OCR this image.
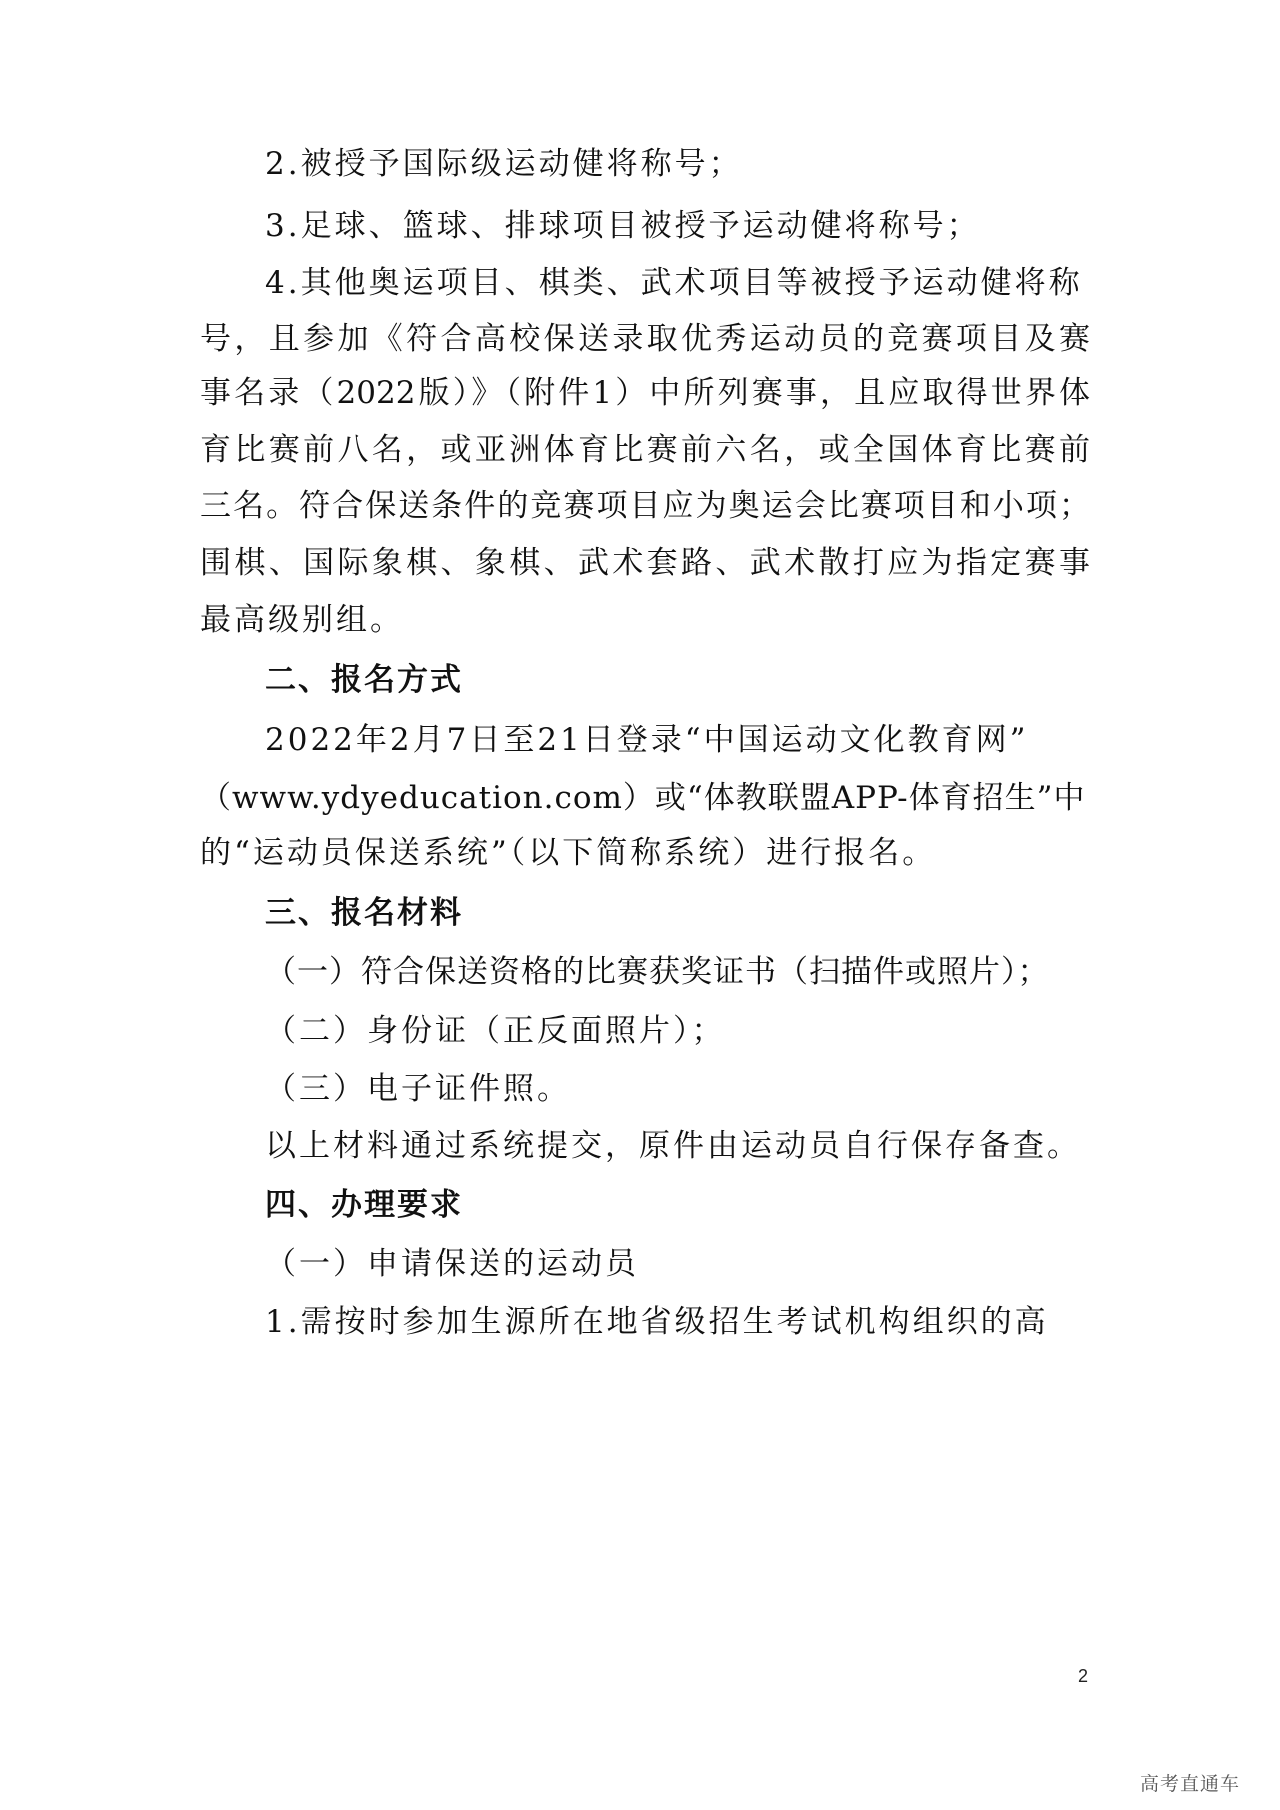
2.被授予国际级运动健将称号；
3.足球、篮球、排球项目被授予运动健将称号；
4.其他奥运项目、棋类、武术项目等被授予运动健将称
号，且参加《符合高校保送录取优秀运动员的竞赛项目及赛
事名录（2022版）》（附件1）中所列赛事，且应取得世界体
育比赛前八名，或亚洲体育比赛前六名，或全国体育比赛前
三名。符合保送条件的竞赛项目应为奥运会比赛项目和小项；
围棋、国际象棋、象棋、武术套路、武术散打应为指定赛事
最高级别组。
二、报名方式
2022年2月7日至21日登录“中国运动文化教育网”
（www.ydyeducation.com）或“体教联盟APP-体育招生”中
的“运动员保送系统”（以下简称系统）进行报名。
三、报名材料
（一）符合保送资格的比赛获奖证书（扫描件或照片）；
（二）身份证（正反面照片）；
（三）电子证件照。
以上材料通过系统提交，原件由运动员自行保存备查。
四、办理要求
（一）申请保送的运动员
1.需按时参加生源所在地省级招生考试机构组织的高
2
高考直通车
